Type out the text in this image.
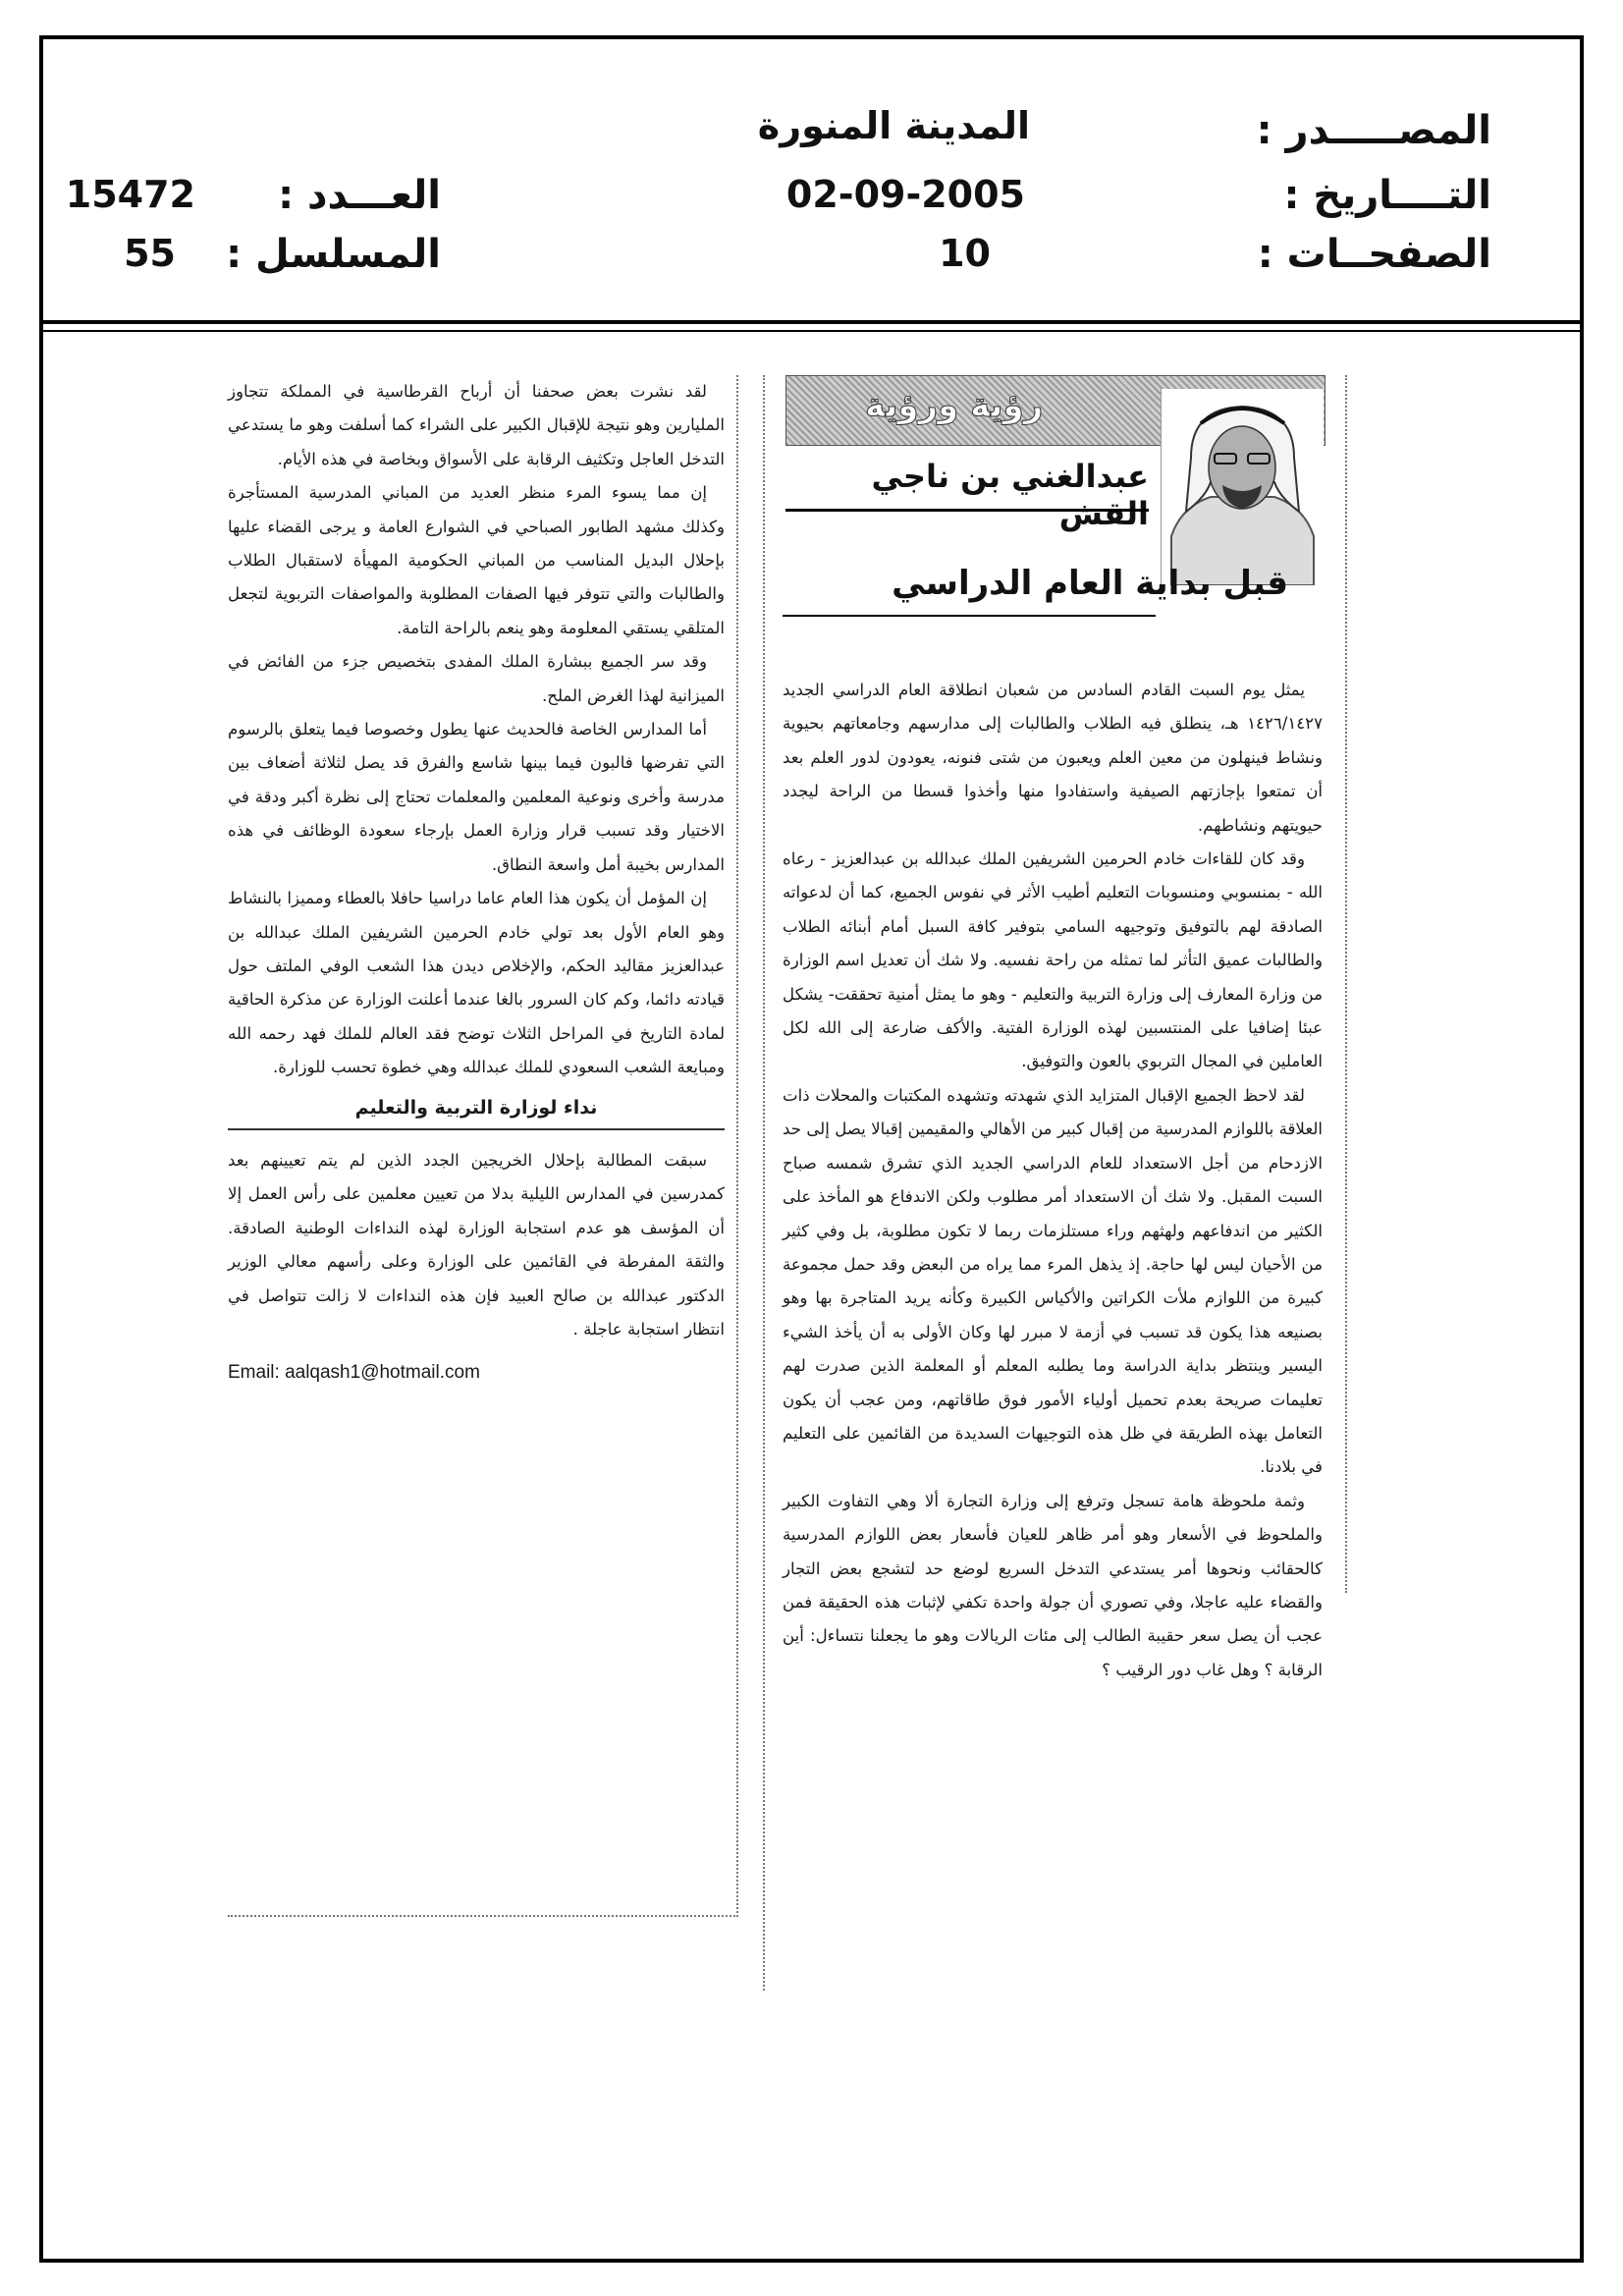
المصـــــدر :
المدينة المنورة
التــــاريخ :
02-09-2005
العـــدد :
15472
الصفحــات :
10
المسلسل :
55
رؤية ورؤية
عبدالغني بن ناجي القش
قبل بداية العام الدراسي

يمثل يوم السبت القادم السادس من شعبان انطلاقة العام الدراسي الجديد ١٤٢٦/١٤٢٧ هـ، ينطلق فيه الطلاب والطالبات إلى مدارسهم وجامعاتهم بحيوية ونشاط فينهلون من معين العلم ويعبون من شتى فنونه، يعودون لدور العلم بعد أن تمتعوا بإجازتهم الصيفية واستفادوا منها وأخذوا قسطا من الراحة ليجدد حيويتهم ونشاطهم.

وقد كان للقاءات خادم الحرمين الشريفين الملك عبدالله بن عبدالعزيز - رعاه الله - بمنسوبي ومنسوبات التعليم أطيب الأثر في نفوس الجميع، كما أن لدعواته الصادقة لهم بالتوفيق وتوجيهه السامي بتوفير كافة السبل أمام أبنائه الطلاب والطالبات عميق التأثر لما تمثله من راحة نفسيه. ولا شك أن تعديل اسم الوزارة من وزارة المعارف إلى وزارة التربية والتعليم - وهو ما يمثل أمنية تحققت- يشكل عبئا إضافيا على المنتسبين لهذه الوزارة الفتية. والأكف ضارعة إلى الله لكل العاملين في المجال التربوي بالعون والتوفيق.

لقد لاحظ الجميع الإقبال المتزايد الذي شهدته وتشهده المكتبات والمحلات ذات العلاقة باللوازم المدرسية من إقبال كبير من الأهالي والمقيمين إقبالا يصل إلى حد الازدحام من أجل الاستعداد للعام الدراسي الجديد الذي تشرق شمسه صباح السبت المقبل. ولا شك أن الاستعداد أمر مطلوب ولكن الاندفاع هو المأخذ على الكثير من اندفاعهم ولهثهم وراء مستلزمات ربما لا تكون مطلوبة، بل وفي كثير من الأحيان ليس لها حاجة. إذ يذهل المرء مما يراه من البعض وقد حمل مجموعة كبيرة من اللوازم ملأت الكراتين والأكياس الكبيرة وكأنه يريد المتاجرة بها وهو بصنيعه هذا يكون قد تسبب في أزمة لا مبرر لها وكان الأولى به أن يأخذ الشيء اليسير وينتظر بداية الدراسة وما يطلبه المعلم أو المعلمة الذين صدرت لهم تعليمات صريحة بعدم تحميل أولياء الأمور فوق طاقاتهم، ومن عجب أن يكون التعامل بهذه الطريقة في ظل هذه التوجيهات السديدة من القائمين على التعليم في بلادنا.

وثمة ملحوظة هامة تسجل وترفع إلى وزارة التجارة ألا وهي التفاوت الكبير والملحوظ في الأسعار وهو أمر ظاهر للعيان فأسعار بعض اللوازم المدرسية كالحقائب ونحوها أمر يستدعي التدخل السريع لوضع حد لتشجع بعض التجار والقضاء عليه عاجلا، وفي تصوري أن جولة واحدة تكفي لإثبات هذه الحقيقة فمن عجب أن يصل سعر حقيبة الطالب إلى مئات الريالات وهو ما يجعلنا نتساءل: أين الرقابة ؟ وهل غاب دور الرقيب ؟

لقد نشرت بعض صحفنا أن أرباح القرطاسية في المملكة تتجاوز المليارين وهو نتيجة للإقبال الكبير على الشراء كما أسلفت وهو ما يستدعي التدخل العاجل وتكثيف الرقابة على الأسواق وبخاصة في هذه الأيام.

إن مما يسوء المرء منظر العديد من المباني المدرسية المستأجرة وكذلك مشهد الطابور الصباحي في الشوارع العامة و يرجى القضاء عليها بإحلال البديل المناسب من المباني الحكومية المهيأة لاستقبال الطلاب والطالبات والتي تتوفر فيها الصفات المطلوبة والمواصفات التربوية لتجعل المتلقي يستقي المعلومة وهو ينعم بالراحة التامة.

وقد سر الجميع ببشارة الملك المفدى بتخصيص جزء من الفائض في الميزانية لهذا الغرض الملح.

أما المدارس الخاصة فالحديث عنها يطول وخصوصا فيما يتعلق بالرسوم التي تفرضها فالبون فيما بينها شاسع والفرق قد يصل لثلاثة أضعاف بين مدرسة وأخرى ونوعية المعلمين والمعلمات تحتاج إلى نظرة أكبر ودقة في الاختيار وقد تسبب قرار وزارة العمل بإرجاء سعودة الوظائف في هذه المدارس بخيبة أمل واسعة النطاق.

إن المؤمل أن يكون هذا العام عاما دراسيا حافلا بالعطاء ومميزا بالنشاط وهو العام الأول بعد تولي خادم الحرمين الشريفين الملك عبدالله بن عبدالعزيز مقاليد الحكم، والإخلاص ديدن هذا الشعب الوفي الملتف حول قيادته دائما، وكم كان السرور بالغا عندما أعلنت الوزارة عن مذكرة الحاقية لمادة التاريخ في المراحل الثلاث توضح فقد العالم للملك فهد رحمه الله ومبايعة الشعب السعودي للملك عبدالله وهي خطوة تحسب للوزارة.

نداء لوزارة التربية والتعليم

سبقت المطالبة بإحلال الخريجين الجدد الذين لم يتم تعيينهم بعد كمدرسين في المدارس الليلية بدلا من تعيين معلمين على رأس العمل إلا أن المؤسف هو عدم استجابة الوزارة لهذه النداءات الوطنية الصادقة. والثقة المفرطة في القائمين على الوزارة وعلى رأسهم معالي الوزير الدكتور عبدالله بن صالح العبيد فإن هذه النداءات لا زالت تتواصل في انتظار استجابة عاجلة .

Email: aalqash1@hotmail.com
